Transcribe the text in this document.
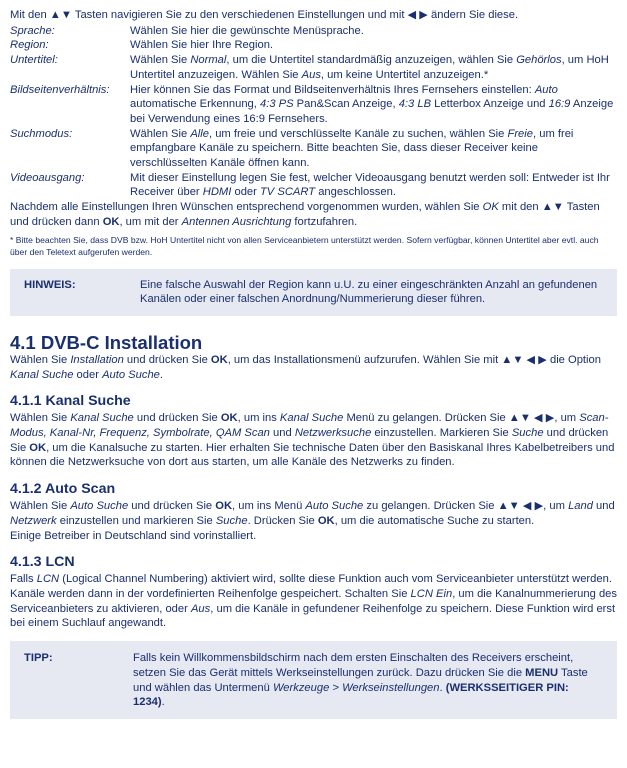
Mit den ▲▼ Tasten navigieren Sie zu den verschiedenen Einstellungen und mit ◀ ▶ ändern Sie diese.

Sprache:	Wählen Sie hier die gewünschte Menüsprache.
Region:	Wählen Sie hier Ihre Region.
Untertitel:	Wählen Sie Normal, um die Untertitel standardmäßig anzuzeigen, wählen Sie Gehörlos, um HoH Untertitel anzuzeigen. Wählen Sie Aus, um keine Untertitel anzuzeigen.*
Bildseitenverhältnis:	Hier können Sie das Format und Bildseitenverhältnis Ihres Fernsehers einstellen: Auto automatische Erkennung, 4:3 PS Pan&Scan Anzeige, 4:3 LB Letterbox Anzeige und 16:9 Anzeige bei Verwendung eines 16:9 Fernsehers.
Suchmodus:	Wählen Sie Alle, um freie und verschlüsselte Kanäle zu suchen, wählen Sie Freie, um frei empfangbare Kanäle zu speichern. Bitte beachten Sie, dass dieser Receiver keine verschlüsselten Kanäle öffnen kann.
Videoausgang:	Mit dieser Einstellung legen Sie fest, welcher Videoausgang benutzt werden soll: Entweder ist Ihr Receiver über HDMI oder TV SCART angeschlossen.

Nachdem alle Einstellungen Ihren Wünschen entsprechend vorgenommen wurden, wählen Sie OK mit den ▲▼ Tasten und drücken dann OK, um mit der Antennen Ausrichtung fortzufahren.

* Bitte beachten Sie, dass DVB bzw. HoH Untertitel nicht von allen Serviceanbietern unterstützt werden. Sofern verfügbar, können Untertitel aber evtl. auch über den Teletext aufgerufen werden.

HINWEIS:	Eine falsche Auswahl der Region kann u.U. zu einer eingeschränkten Anzahl an gefundenen Kanälen oder einer falschen Anordnung/Nummerierung dieser führen.
4.1 DVB-C Installation

Wählen Sie Installation und drücken Sie OK, um das Installationsmenü aufzurufen. Wählen Sie mit ▲▼ ◀ ▶ die Option Kanal Suche oder Auto Suche.

4.1.1 Kanal Suche

Wählen Sie Kanal Suche und drücken Sie OK, um ins Kanal Suche Menü zu gelangen. Drücken Sie ▲▼ ◀ ▶, um Scan-Modus, Kanal-Nr, Frequenz, Symbolrate, QAM Scan und Netzwerksuche einzustellen. Markieren Sie Suche und drücken Sie OK, um die Kanalsuche zu starten. Hier erhalten Sie technische Daten über den Basiskanal Ihres Kabelbetreibers und können die Netzwerksuche von dort aus starten, um alle Kanäle des Netzwerks zu finden.

4.1.2 Auto Scan

Wählen Sie Auto Suche und drücken Sie OK, um ins Menü Auto Suche zu gelangen. Drücken Sie ▲▼ ◀ ▶, um Land und Netzwerk einzustellen und markieren Sie Suche. Drücken Sie OK, um die automatische Suche zu starten.

Einige Betreiber in Deutschland sind vorinstalliert.

4.1.3 LCN

Falls LCN (Logical Channel Numbering) aktiviert wird, sollte diese Funktion auch vom Serviceanbieter unterstützt werden. Kanäle werden dann in der vordefinierten Reihenfolge gespeichert. Schalten Sie LCN Ein, um die Kanalnummerierung des Serviceanbieters zu aktivieren, oder Aus, um die Kanäle in gefundener Reihenfolge zu speichern. Diese Funktion wird erst bei einem Suchlauf angewandt.

TIPP:	Falls kein Willkommensbildschirm nach dem ersten Einschalten des Receivers erscheint, setzen Sie das Gerät mittels Werkseinstellungen zurück. Dazu drücken Sie die MENU Taste und wählen das Untermenü Werkzeuge > Werkseinstellungen. (WERKSSEITIGER PIN: 1234).
